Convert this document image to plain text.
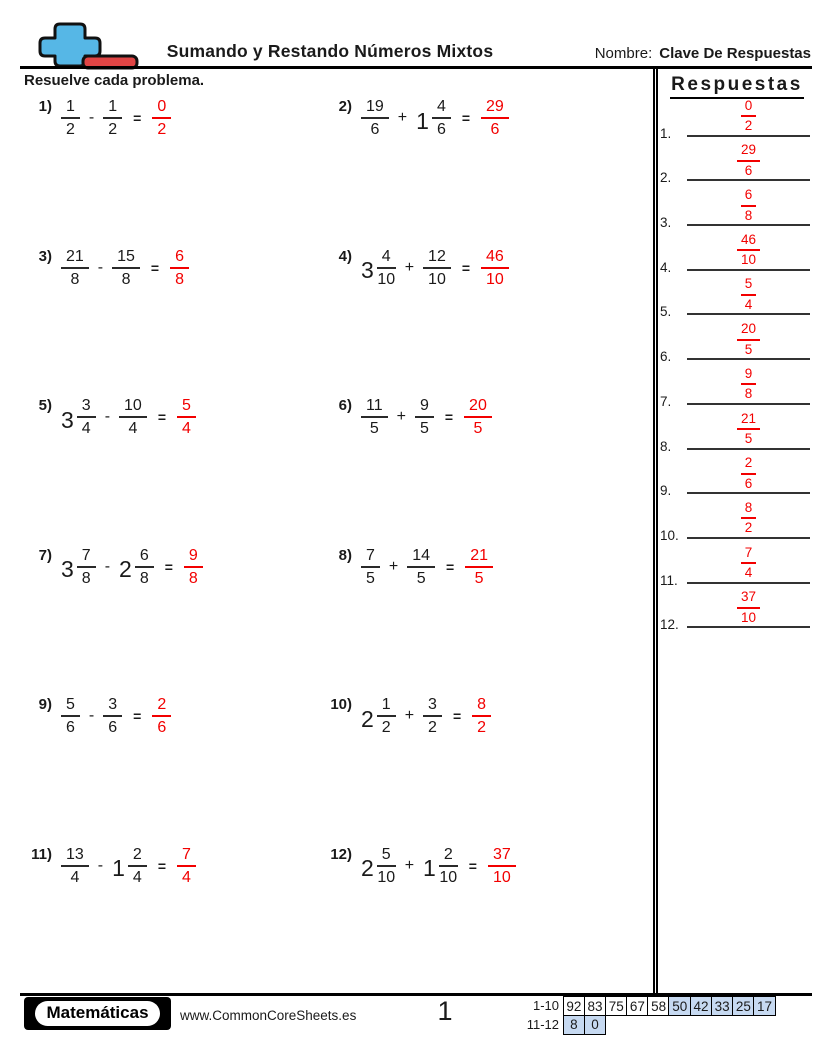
Sumando y Restando Números Mixtos	Nombre: Clave De Respuestas
Resuelve cada problema.
$1) \frac{1}{2} - \frac{1}{2} = \frac{0}{2}$	$2) \frac{19}{6} + 1 \frac{4}{6} = \frac{29}{6}$
$3) \frac{21}{8} - \frac{15}{8} = \frac{6}{8}$	4)
$3 \frac{4}{10} + \frac{12}{10} = \frac{46}{10}$
5)
$3 \frac{3}{4} - \frac{10}{4} = \frac{5}{4}$	$6) \frac{11}{5} + \frac{9}{5} = \frac{20}{5}$
7)
$3 \frac{7}{8} - 2 \frac{6}{8} = \frac{9}{8}$	$8) \frac{7}{5} + \frac{14}{5} = \frac{21}{5}$
$9) \frac{5}{6} - \frac{3}{6} = \frac{2}{6}$	10)
$2 \frac{1}{2} + \frac{3}{2} = \frac{8}{2}$
$11) \frac{13}{4} - 1 \frac{2}{4} = \frac{7}{4}$	12)
$2 \frac{5}{10} + 1 \frac{2}{10} = \frac{37}{10}$
Respuestas
1.	$\frac{0}{2}$
2.	$\frac{29}{6}$
3.	$\frac{6}{8}$
4.	$\frac{46}{10}$
5.	$\frac{5}{4}$
6.	$\frac{20}{5}$
7.	$\frac{9}{8}$
8.	$\frac{21}{5}$
9.	$\frac{2}{6}$
10.	$\frac{8}{2}$
11.	$\frac{7}{4}$
12.	$\frac{37}{10}$
Matemáticas	www.CommonCoreSheets.es	1	1-10 92 83 75 67 58 50 42 33 25 17
11-12 8	0
